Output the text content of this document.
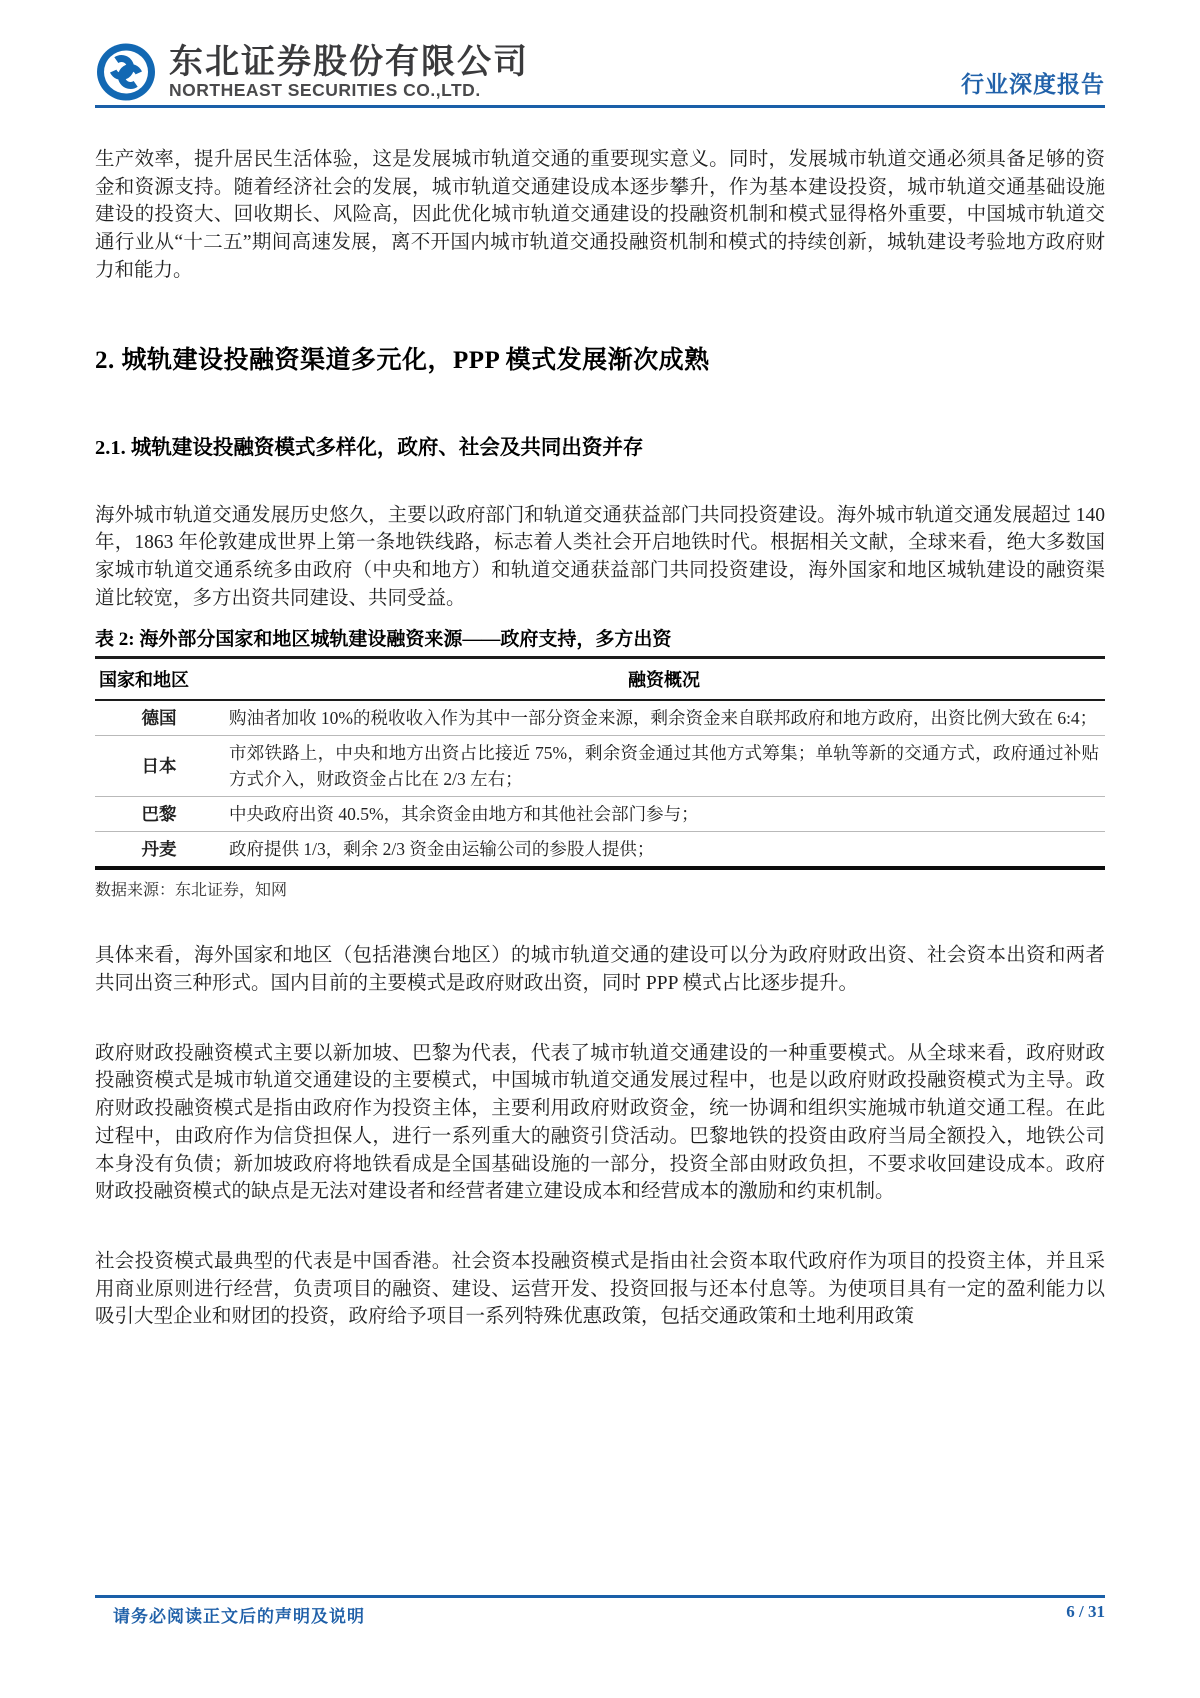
东北证券股份有限公司
NORTHEAST SECURITIES CO.,LTD.	行业深度报告

生产效率，提升居民生活体验，这是发展城市轨道交通的重要现实意义。同时，发展城市轨道交通必须具备足够的资金和资源支持。随着经济社会的发展，城市轨道交通建设成本逐步攀升，作为基本建设投资，城市轨道交通基础设施建设的投资大、回收期长、风险高，因此优化城市轨道交通建设的投融资机制和模式显得格外重要，中国城市轨道交通行业从“十二五”期间高速发展，离不开国内城市轨道交通投融资机制和模式的持续创新，城轨建设考验地方政府财力和能力。

2. 城轨建设投融资渠道多元化，PPP 模式发展渐次成熟
2.1. 城轨建设投融资模式多样化，政府、社会及共同出资并存

海外城市轨道交通发展历史悠久，主要以政府部门和轨道交通获益部门共同投资建设。海外城市轨道交通发展超过 140 年，1863 年伦敦建成世界上第一条地铁线路，标志着人类社会开启地铁时代。根据相关文献，全球来看，绝大多数国家城市轨道交通系统多由政府（中央和地方）和轨道交通获益部门共同投资建设，海外国家和地区城轨建设的融资渠道比较宽，多方出资共同建设、共同受益。

表 2: 海外部分国家和地区城轨建设融资来源——政府支持，多方出资
国家和地区	融资概况
德国	购油者加收 10%的税收收入作为其中一部分资金来源，剩余资金来自联邦政府和地方政府，出资比例大致在 6:4；
日本	市郊铁路上，中央和地方出资占比接近 75%，剩余资金通过其他方式筹集；单轨等新的交通方式，政府通过补贴方式介入，财政资金占比在 2/3 左右；
巴黎	中央政府出资 40.5%，其余资金由地方和其他社会部门参与；
丹麦	政府提供 1/3，剩余 2/3 资金由运输公司的参股人提供；
数据来源：东北证券，知网

具体来看，海外国家和地区（包括港澳台地区）的城市轨道交通的建设可以分为政府财政出资、社会资本出资和两者共同出资三种形式。国内目前的主要模式是政府财政出资，同时 PPP 模式占比逐步提升。

政府财政投融资模式主要以新加坡、巴黎为代表，代表了城市轨道交通建设的一种重要模式。从全球来看，政府财政投融资模式是城市轨道交通建设的主要模式，中国城市轨道交通发展过程中，也是以政府财政投融资模式为主导。政府财政投融资模式是指由政府作为投资主体，主要利用政府财政资金，统一协调和组织实施城市轨道交通工程。在此过程中，由政府作为信贷担保人，进行一系列重大的融资引贷活动。巴黎地铁的投资由政府当局全额投入，地铁公司本身没有负债；新加坡政府将地铁看成是全国基础设施的一部分，投资全部由财政负担，不要求收回建设成本。政府财政投融资模式的缺点是无法对建设者和经营者建立建设成本和经营成本的激励和约束机制。

社会投资模式最典型的代表是中国香港。社会资本投融资模式是指由社会资本取代政府作为项目的投资主体，并且采用商业原则进行经营，负责项目的融资、建设、运营开发、投资回报与还本付息等。为使项目具有一定的盈利能力以吸引大型企业和财团的投资，政府给予项目一系列特殊优惠政策，包括交通政策和土地利用政策

请务必阅读正文后的声明及说明	6 / 31
